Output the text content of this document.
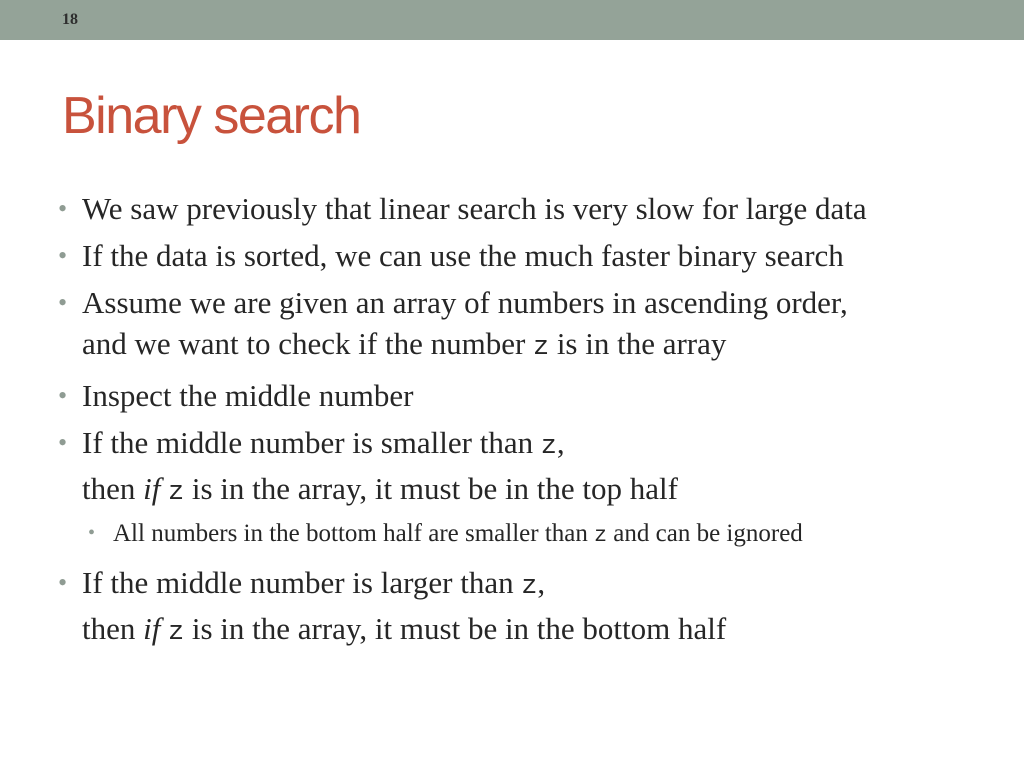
18
Binary search
• We saw previously that linear search is very slow for large data
• If the data is sorted, we can use the much faster binary search
• Assume we are given an array of numbers in ascending order,
and we want to check if the number z is in the array
• Inspect the middle number
• If the middle number is smaller than z,
then if z is in the array, it must be in the top half
• All numbers in the bottom half are smaller than z and can be ignored
• If the middle number is larger than z,
then if z is in the array, it must be in the bottom half
